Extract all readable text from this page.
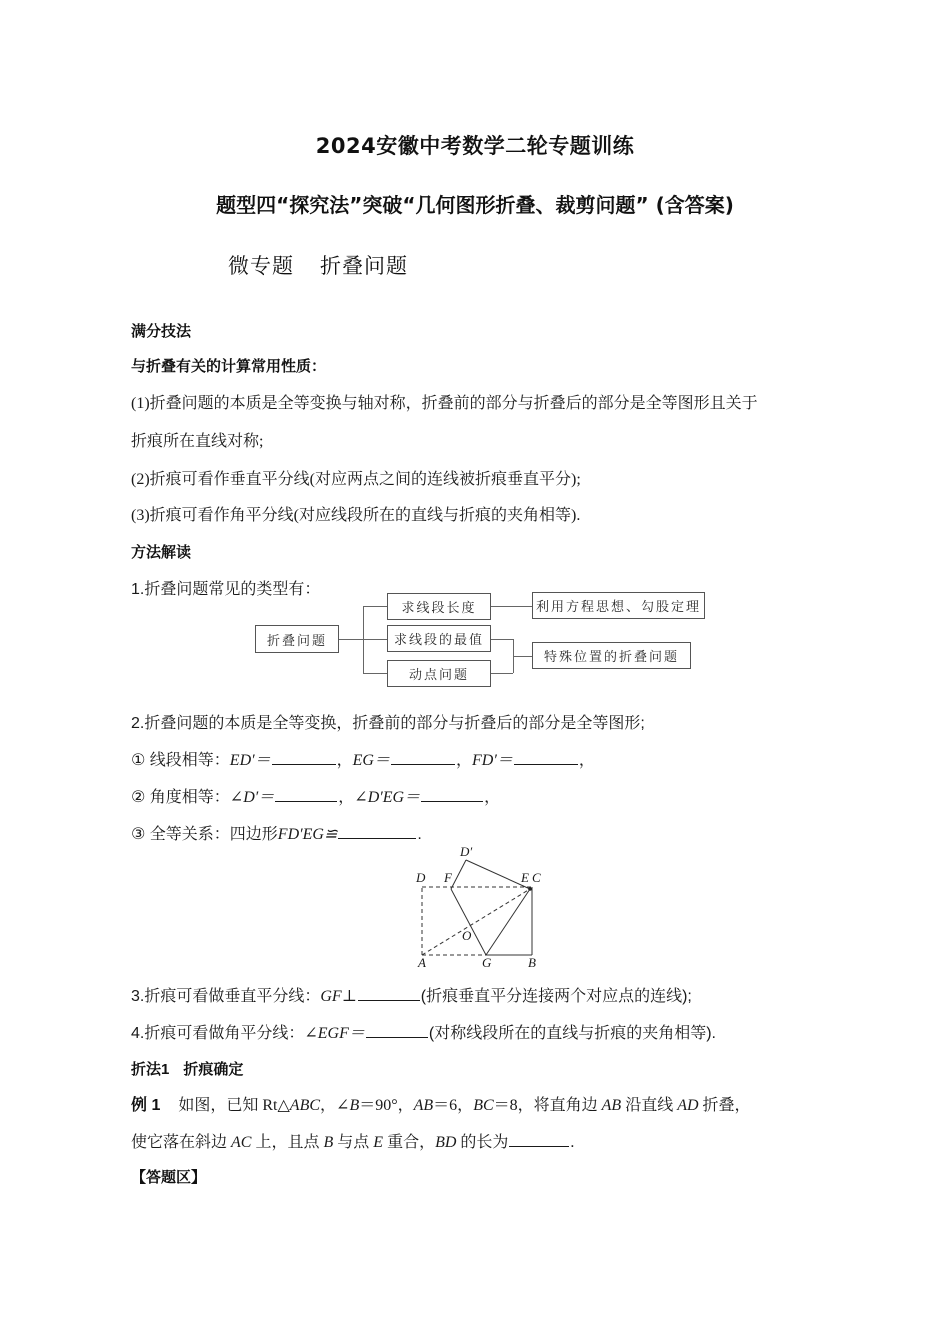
2024安徽中考数学二轮专题训练
题型四“探究法”突破“几何图形折叠、裁剪问题” (含答案)
微专题 折叠问题
满分技法
与折叠有关的计算常用性质：
(1)折叠问题的本质是全等变换与轴对称，折叠前的部分与折叠后的部分是全等图形且关于
折痕所在直线对称;
(2)折痕可看作垂直平分线(对应两点之间的连线被折痕垂直平分);
(3)折痕可看作角平分线(对应线段所在的直线与折痕的夹角相等).
方法解读
1.折叠问题常见的类型有：
折叠问题
求线段长度
求线段的最值
动点问题
利用方程思想、勾股定理
特殊位置的折叠问题
2.折叠问题的本质是全等变换，折叠前的部分与折叠后的部分是全等图形;
① 线段相等：ED′＝	，EG＝	，FD′＝	，
② 角度相等：∠D′＝	，∠D′EG＝	，
③ 全等关系：四边形FD′EG≌	.
D′
D F	E C
O
A	G	B
3.折痕可看做垂直平分线：GF⊥	(折痕垂直平分连接两个对应点的连线);
4.折痕可看做角平分线：∠EGF＝	(对称线段所在的直线与折痕的夹角相等).
折法1 折痕确定
例 1 如图，已知 Rt△ABC，∠B＝90°，AB＝6，BC＝8，将直角边 AB 沿直线 AD 折叠，
使它落在斜边 AC 上，且点 B 与点 E 重合，BD 的长为	.
【答题区】
